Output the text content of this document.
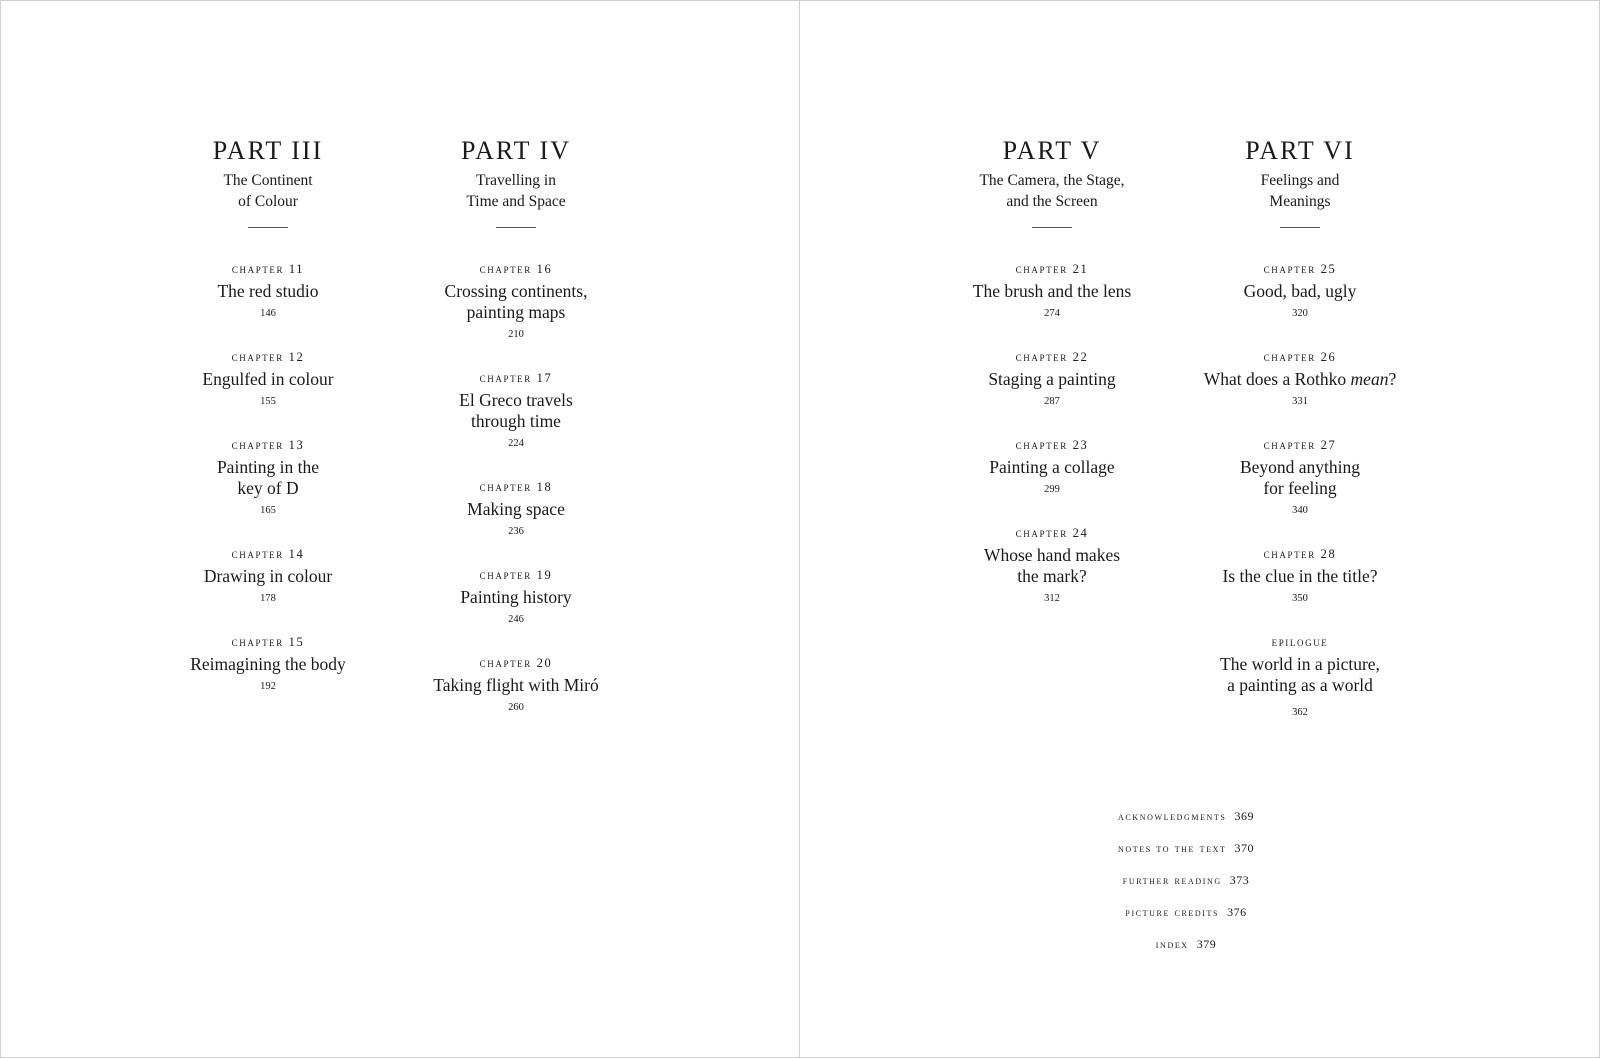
PART III
The Continent
of Colour
chapter 11
The red studio
146
chapter 12
Engulfed in colour
155
chapter 13
Painting in the
key of D
165
chapter 14
Drawing in colour
178
chapter 15
Reimagining the body
192
PART IV
Travelling in
Time and Space
chapter 16
Crossing continents,
painting maps
210
chapter 17
El Greco travels
through time
224
chapter 18
Making space
236
chapter 19
Painting history
246
chapter 20
Taking flight with Miró
260
PART V
The Camera, the Stage,
and the Screen
chapter 21
The brush and the lens
274
chapter 22
Staging a painting
287
chapter 23
Painting a collage
299
chapter 24
Whose hand makes
the mark?
312
PART VI
Feelings and
Meanings
chapter 25
Good, bad, ugly
320
chapter 26
What does a Rothko mean?
331
chapter 27
Beyond anything
for feeling
340
chapter 28
Is the clue in the title?
350
epilogue
The world in a picture,
a painting as a world
362
acknowledgments 369
notes to the text 370
further reading 373
picture credits 376
index 379
